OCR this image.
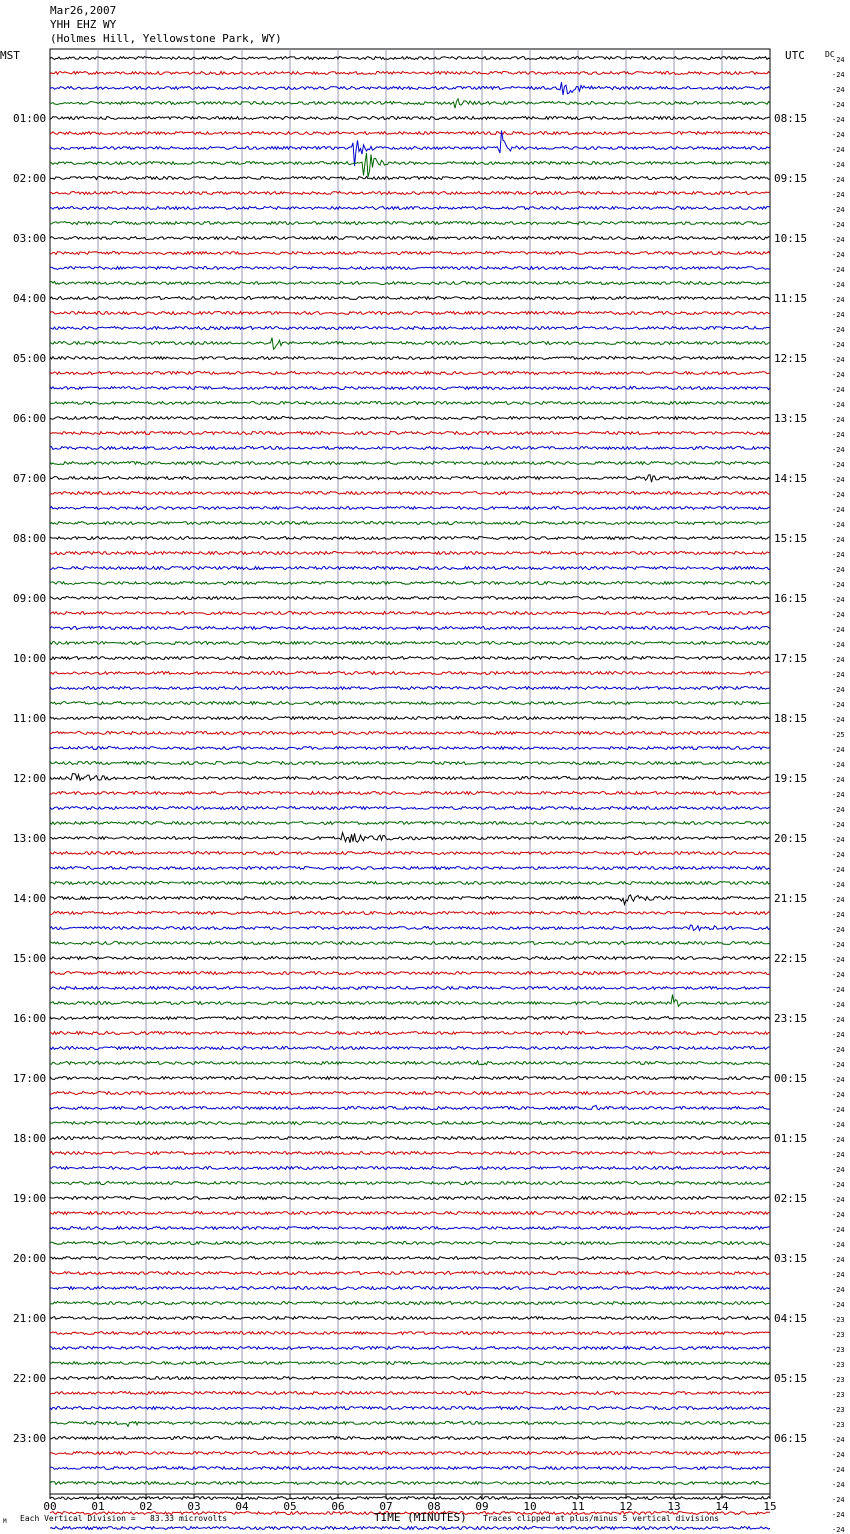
Mar26,2007
YHH EHZ WY
(Holmes Hill, Yellowstone Park, WY)
MST	UTC	DC
00	01	02	03	04	05	06	07	08	09	10	11	12	13	14	15
-24
-24
-24
-24
-24
01:00	08:15
-24
-24
-24
-24
02:00	09:15
-24
-24
-24
-24
03:00	10:15
-24
-24
-24
-24
04:00	11:15
-24
-24
-24
-24
05:00	12:15
-24
-24
-24
-24
06:00	13:15
-24
-24
-24
-24
07:00	14:15
-24
-24
-24
-24
08:00	15:15
-24
-24
-24
-24
09:00	16:15
-24
-24
-24
-24
10:00	17:15
-24
-24
-24
-24
11:00	18:15
-25
-24
-24
-24
12:00	19:15
-24
-24
-24
-24
13:00	20:15
-24
-24
-24
-24
14:00	21:15
-24
-24
-24
-24
15:00	22:15
-24
-24
-24
-24
16:00	23:15
-24
-24
-24
-24
17:00	00:15
-24
-24
-24
-24
18:00	01:15
-24
-24
-24
-24
19:00	02:15
-24
-24
-24
-24
20:00	03:15
-24
-24
-24
-23
21:00	04:15
-23
-23
-23
-23
22:00	05:15
-23
-23
-23
-24
23:00	06:15
-24
-24
-24
-24
-24
-24
M Each Vertical Division =   83.33 microvolts	TIME (MINUTES) Traces clipped at plus/minus 5 vertical divisions
